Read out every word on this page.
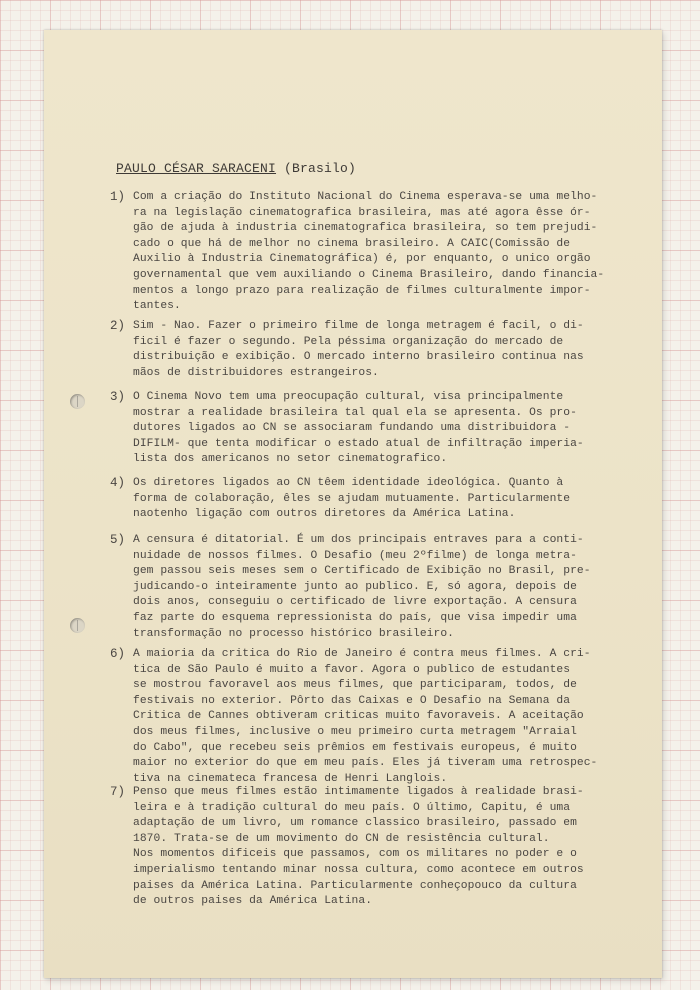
PAULO CÉSAR SARACENI (Brasilo)
1) Com a criação do Instituto Nacional do Cinema esperava-se uma melho-
ra na legislação cinematografica brasileira, mas até agora êsse ór-
gão de ajuda à industria cinematografica brasileira, so tem prejudi-
cado o que há de melhor no cinema brasileiro. A CAIC(Comissão de
Auxilio à Industria Cinematográfica) é, por enquanto, o unico orgão
governamental que vem auxiliando o Cinema Brasileiro, dando financia-
mentos a longo prazo para realização de filmes culturalmente impor-
tantes.
2) Sim - Nao. Fazer o primeiro filme de longa metragem é facil, o di-
ficil é fazer o segundo. Pela péssima organização do mercado de
distribuição e exibição. O mercado interno brasileiro continua nas
mãos de distribuidores estrangeiros.
3) O Cinema Novo tem uma preocupação cultural, visa principalmente
mostrar a realidade brasileira tal qual ela se apresenta. Os pro-
dutores ligados ao CN se associaram fundando uma distribuidora -
DIFILM- que tenta modificar o estado atual de infiltração imperia-
lista dos americanos no setor cinematografico.
4) Os diretores ligados ao CN têem identidade ideológica. Quanto à
forma de colaboração, êles se ajudam mutuamente. Particularmente
naotenho ligação com outros diretores da América Latina.
5) A censura é ditatorial. É um dos principais entraves para a conti-
nuidade de nossos filmes. O Desafio (meu 2ºfilme) de longa metra-
gem passou seis meses sem o Certificado de Exibição no Brasil, pre-
judicando-o inteiramente junto ao publico. E, só agora, depois de
dois anos, conseguiu o certificado de livre exportação. A censura
faz parte do esquema repressionista do país, que visa impedir uma
transformação no processo histórico brasileiro.
6) A maioria da critica do Rio de Janeiro é contra meus filmes. A cri-
tica de São Paulo é muito a favor. Agora o publico de estudantes
se mostrou favoravel aos meus filmes, que participaram, todos, de
festivais no exterior. Pôrto das Caixas e O Desafio na Semana da
Critica de Cannes obtiveram criticas muito favoraveis. A aceitação
dos meus filmes, inclusive o meu primeiro curta metragem "Arraial
do Cabo", que recebeu seis prêmios em festivais europeus, é muito
maior no exterior do que em meu país. Eles já tiveram uma retrospec-
tiva na cinemateca francesa de Henri Langlois.
7) Penso que meus filmes estão intimamente ligados à realidade brasi-
leira e à tradição cultural do meu país. O último, Capitu, é uma
adaptação de um livro, um romance classico brasileiro, passado em
1870. Trata-se de um movimento do CN de resistência cultural.
Nos momentos dificeis que passamos, com os militares no poder e o
imperialismo tentando minar nossa cultura, como acontece em outros
paises da América Latina. Particularmente conheçopouco da cultura
de outros paises da América Latina.
